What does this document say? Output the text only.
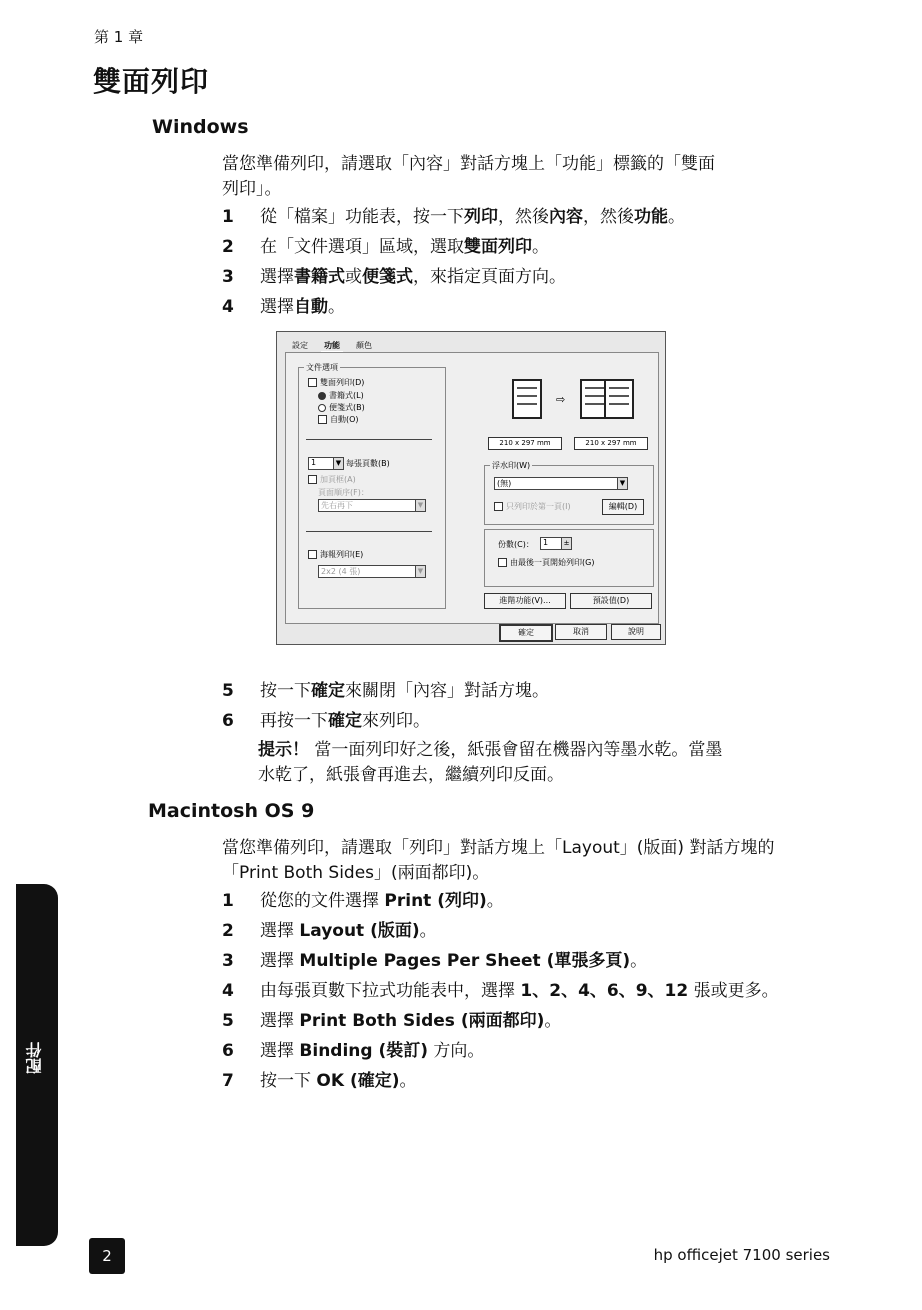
第 1 章
雙面列印
Windows
當您準備列印，請選取「內容」對話方塊上「功能」標籤的「雙面
列印」。
1 從「檔案」功能表，按一下列印，然後內容，然後功能。
2 在「文件選項」區域，選取雙面列印。
3 選擇書籍式或便箋式，來指定頁面方向。
4 選擇自動。
設定	功能	顏色
文件選項
雙面列印(D)
書籍式(L)
便箋式(B)
自動(O)
1	▼ 每張頁數(B)
加頁框(A)
頁面順序(F)：
先右再下	▼
海報列印(E)
2x2 (4 張)	▼
⇨
210 x 297 mm	210 x 297 mm
浮水印(W)
(無)	▼
只列印於第一頁(I)	編輯(D)
份數(C)：	1	±
由最後一頁開始列印(G)
進階功能(V)...	預設值(D)
確定	取消	說明
5 按一下確定來關閉「內容」對話方塊。
6 再按一下確定來列印。
提示！ 當一面列印好之後，紙張會留在機器內等墨水乾。當墨
水乾了，紙張會再進去，繼續列印反面。
Macintosh OS 9
當您準備列印，請選取「列印」對話方塊上「Layout」(版面) 對話方塊的
「Print Both Sides」(兩面都印)。
1 從您的文件選擇 Print (列印)。
2 選擇 Layout (版面)。
3 選擇 Multiple Pages Per Sheet (單張多頁)。
4 由每張頁數下拉式功能表中，選擇 1、2、4、6、9、12 張或更多。
5 選擇 Print Both Sides (兩面都印)。
6 選擇 Binding (裝訂) 方向。
7 按一下 OK (確定)。
配件
2	hp officejet 7100 series
